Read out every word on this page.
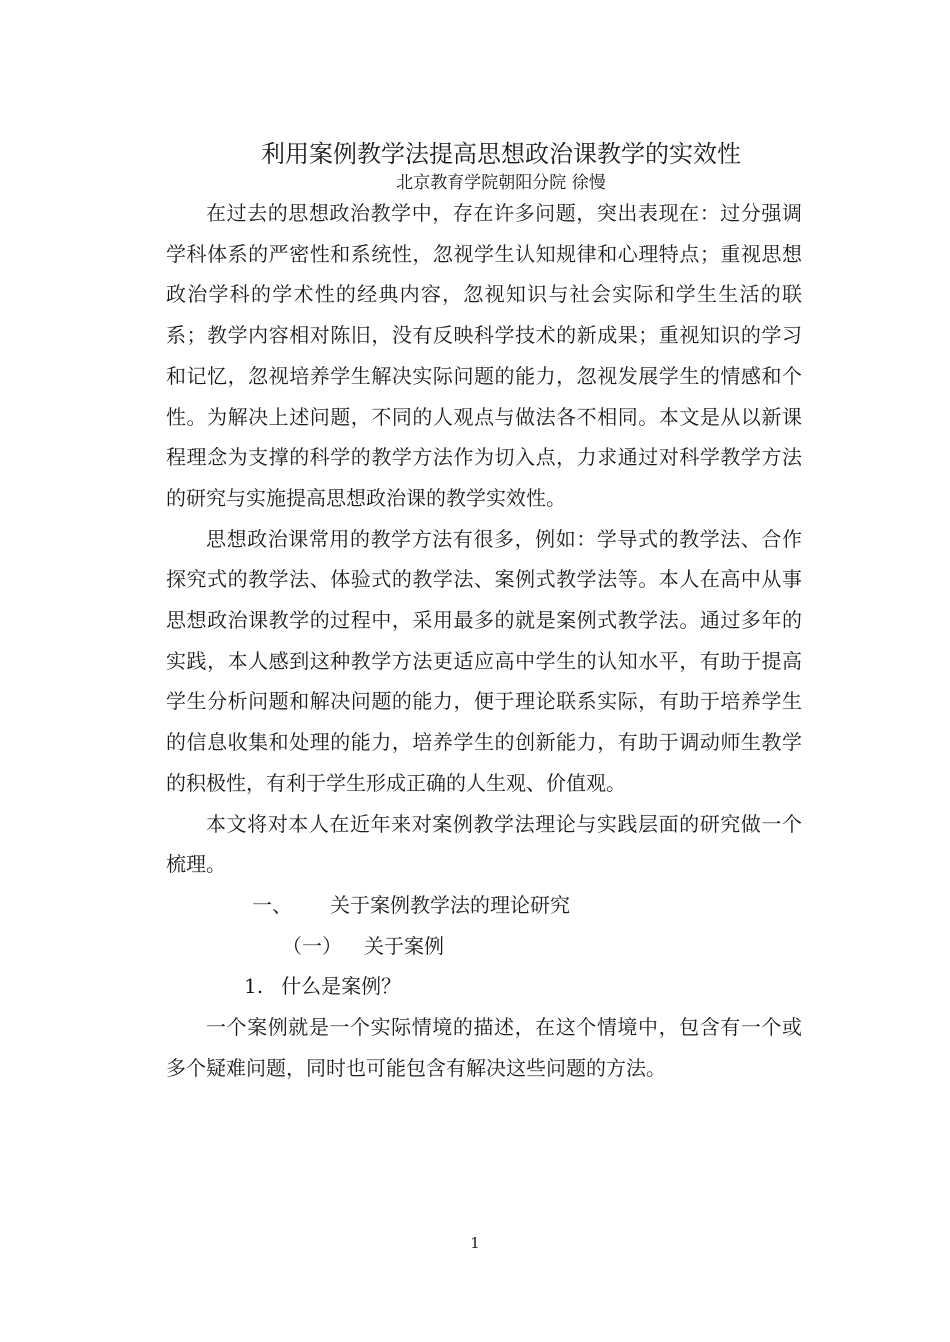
利用案例教学法提高思想政治课教学的实效性
北京教育学院朝阳分院 徐慢

在过去的思想政治教学中，存在许多问题，突出表现在：过分强调学科体系的严密性和系统性，忽视学生认知规律和心理特点；重视思想政治学科的学术性的经典内容，忽视知识与社会实际和学生生活的联系；教学内容相对陈旧，没有反映科学技术的新成果；重视知识的学习和记忆，忽视培养学生解决实际问题的能力，忽视发展学生的情感和个性。为解决上述问题，不同的人观点与做法各不相同。本文是从以新课程理念为支撑的科学的教学方法作为切入点，力求通过对科学教学方法的研究与实施提高思想政治课的教学实效性。

思想政治课常用的教学方法有很多，例如：学导式的教学法、合作探究式的教学法、体验式的教学法、案例式教学法等。本人在高中从事思想政治课教学的过程中，采用最多的就是案例式教学法。通过多年的实践，本人感到这种教学方法更适应高中学生的认知水平，有助于提高学生分析问题和解决问题的能力，便于理论联系实际，有助于培养学生的信息收集和处理的能力，培养学生的创新能力，有助于调动师生教学的积极性，有利于学生形成正确的人生观、价值观。

本文将对本人在近年来对案例教学法理论与实践层面的研究做一个梳理。

一、 关于案例教学法的理论研究

（一） 关于案例

1. 什么是案例？

一个案例就是一个实际情境的描述，在这个情境中，包含有一个或多个疑难问题，同时也可能包含有解决这些问题的方法。

1
